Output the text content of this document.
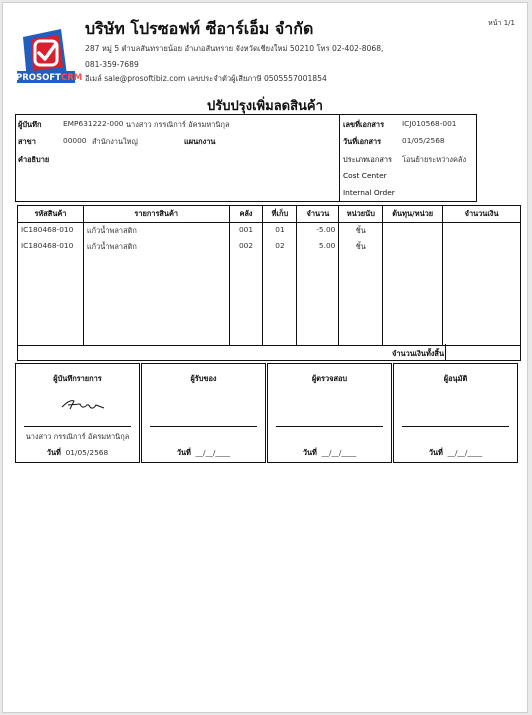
PROSOFTCRM
บริษัท โปรซอฟท์ ซีอาร์เอ็ม จำกัด
287 หมู่ 5 ตำบลสันทรายน้อย อำเภอสันทราย จังหวัดเชียงใหม่ 50210 โทร 02-402-8068, 081-359-7689
อีเมล์ sale@prosoftibiz.com เลขประจำตัวผู้เสียภาษี 0505557001854
หน้า 1/1
ปรับปรุงเพิ่มลดสินค้า
ผู้บันทึก	EMP631222-000 นางสาว กรรณิการ์ อัครมหานิกุล
สาขา	00000 สำนักงานใหญ่	แผนกงาน
คำอธิบาย
เลขที่เอกสาร ICJ010568-001
วันที่เอกสาร	01/05/2568
ประเภทเอกสาร โอนย้ายระหว่างคลัง
Cost Center
Internal Order
รหัสสินค้า	รายการสินค้า	คลัง	ที่เก็บ	จำนวน	หน่วยนับ	ต้นทุน/หน่วย	จำนวนเงิน
IC180468-010	แก้วน้ำพลาสติก	001	01	-5.00	ชิ้น		
IC180468-010	แก้วน้ำพลาสติก	002	02	5.00	ชิ้น		

จำนวนเงินทั้งสิ้น
ผู้บันทึกรายการ
นางสาว กรรณิการ์ อัครมหานิกุล
วันที่ 01/05/2568
ผู้รับของ
วันที่ __/__/____
ผู้ตรวจสอบ
วันที่ __/__/____
ผู้อนุมัติ
วันที่ __/__/____
